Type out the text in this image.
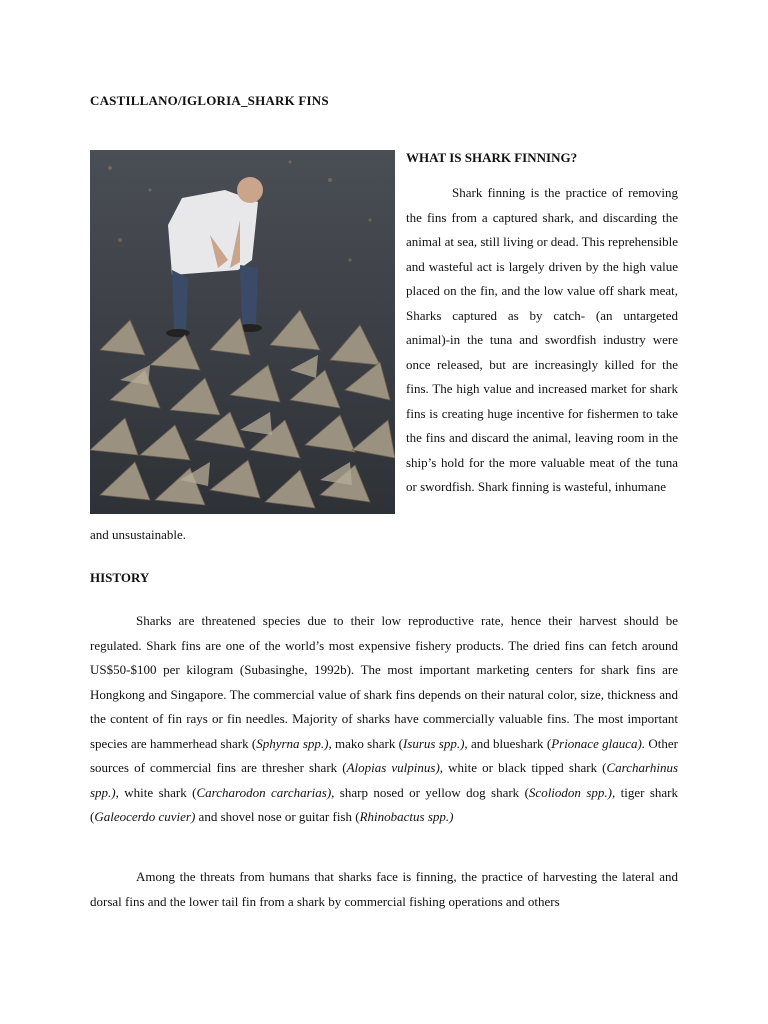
CASTILLANO/IGLORIA_SHARK FINS
WHAT IS SHARK FINNING?

Shark finning is the practice of removing the fins from a captured shark, and discarding the animal at sea, still living or dead. This reprehensible and wasteful act is largely driven by the high value placed on the fin, and the low value off shark meat, Sharks captured as by catch- (an untargeted animal)-in the tuna and swordfish industry were once released, but are increasingly killed for the fins. The high value and increased market for shark fins is creating huge incentive for fishermen to take the fins and discard the animal, leaving room in the ship’s hold for the more valuable meat of the tuna or swordfish. Shark finning is wasteful, inhumane

and unsustainable.

HISTORY

Sharks are threatened species due to their low reproductive rate, hence their harvest should be regulated. Shark fins are one of the world’s most expensive fishery products. The dried fins can fetch around US$50-$100 per kilogram (Subasinghe, 1992b). The most important marketing centers for shark fins are Hongkong and Singapore. The commercial value of shark fins depends on their natural color, size, thickness and the content of fin rays or fin needles. Majority of sharks have commercially valuable fins. The most important species are hammerhead shark (Sphyrna spp.), mako shark (Isurus spp.), and blueshark (Prionace glauca). Other sources of commercial fins are thresher shark (Alopias vulpinus), white or black tipped shark (Carcharhinus spp.), white shark (Carcharodon carcharias), sharp nosed or yellow dog shark (Scoliodon spp.), tiger shark (Galeocerdo cuvier) and shovel nose or guitar fish (Rhinobactus spp.)

Among the threats from humans that sharks face is finning, the practice of harvesting the lateral and dorsal fins and the lower tail fin from a shark by commercial fishing operations and others
